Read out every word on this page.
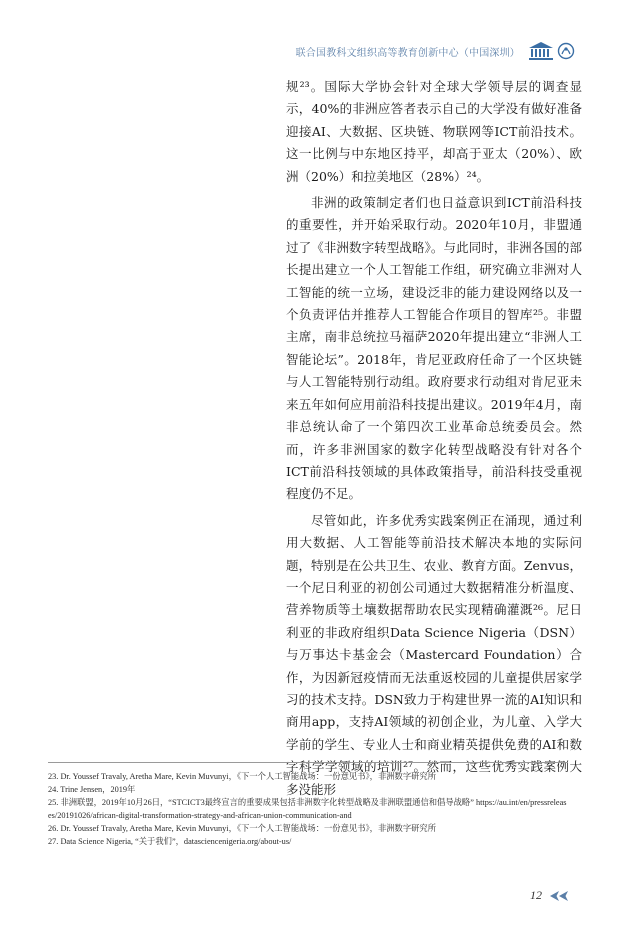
联合国教科文组织高等教育创新中心（中国深圳）

规²³。国际大学协会针对全球大学领导层的调查显示，40%的非洲应答者表示自己的大学没有做好准备迎接AI、大数据、区块链、物联网等ICT前沿技术。这一比例与中东地区持平，却高于亚太（20%）、欧洲（20%）和拉美地区（28%）²⁴。

非洲的政策制定者们也日益意识到ICT前沿科技的重要性，并开始采取行动。2020年10月，非盟通过了《非洲数字转型战略》。与此同时，非洲各国的部长提出建立一个人工智能工作组，研究确立非洲对人工智能的统一立场，建设泛非的能力建设网络以及一个负责评估并推荐人工智能合作项目的智库²⁵。非盟主席，南非总统拉马福萨2020年提出建立“非洲人工智能论坛”。2018年，肯尼亚政府任命了一个区块链与人工智能特别行动组。政府要求行动组对肯尼亚未来五年如何应用前沿科技提出建议。2019年4月，南非总统认命了一个第四次工业革命总统委员会。然而，许多非洲国家的数字化转型战略没有针对各个ICT前沿科技领域的具体政策指导，前沿科技受重视程度仍不足。

尽管如此，许多优秀实践案例正在涌现，通过利用大数据、人工智能等前沿技术解决本地的实际问题，特别是在公共卫生、农业、教育方面。Zenvus，一个尼日利亚的初创公司通过大数据精准分析温度、营养物质等土壤数据帮助农民实现精确灌溉²⁶。尼日利亚的非政府组织Data Science Nigeria（DSN）与万事达卡基金会（Mastercard Foundation）合作，为因新冠疫情而无法重返校园的儿童提供居家学习的技术支持。DSN致力于构建世界一流的AI知识和商用app，支持AI领域的初创企业，为儿童、入学大学前的学生、专业人士和商业精英提供免费的AI和数字科学学领域的培训²⁷。然而，这些优秀实践案例大多没能形

23. Dr. Youssef Travaly, Aretha Mare, Kevin Muvunyi，《下一个人工智能战场：一份意见书》，非洲数字研究所
24. Trine Jensen，2019年
25. 非洲联盟，2019年10月26日，“STCICT3最终宣言的重要成果包括非洲数字化转型战略及非洲联盟通信和倡导战略” https://au.int/en/pressreleases/20191026/african-digital-transformation-strategy-and-african-union-communication-and
26. Dr. Youssef Travaly, Aretha Mare, Kevin Muvunyi，《下一个人工智能战场：一份意见书》，非洲数字研究所
27. Data Science Nigeria, “关于我们”，datasciencenigeria.org/about-us/
12
